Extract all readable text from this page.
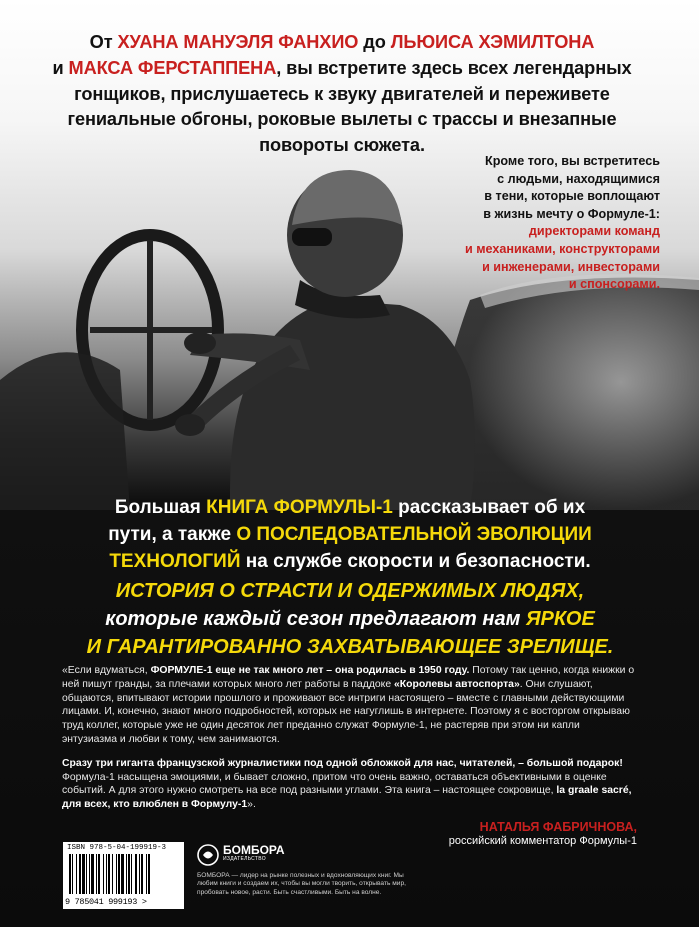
От ХУАНА МАНУЭЛЯ ФАНХИО до ЛЬЮИСА ХЭМИЛТОНА
и МАКСА ФЕРСТАППЕНА, вы встретите здесь всех легендарных гонщиков, прислушаетесь к звуку двигателей и переживете гениальные обгоны, роковые вылеты с трассы и внезапные повороты сюжета.
Кроме того, вы встретитесь
с людьми, находящимися
в тени, которые воплощают
в жизнь мечту о Формуле-1:
директорами команд
и механиками, конструкторами
и инженерами, инвесторами
и спонсорами.
Большая КНИГА ФОРМУЛЫ-1 рассказывает об их
пути, а также О ПОСЛЕДОВАТЕЛЬНОЙ ЭВОЛЮЦИИ
ТЕХНОЛОГИЙ на службе скорости и безопасности.
ИСТОРИЯ О СТРАСТИ И ОДЕРЖИМЫХ ЛЮДЯХ,
которые каждый сезон предлагают нам ЯРКОЕ
И ГАРАНТИРОВАННО ЗАХВАТЫВАЮЩЕЕ ЗРЕЛИЩЕ.

«Если вдуматься, ФОРМУЛЕ-1 еще не так много лет – она родилась в 1950 году. Потому так ценно, когда книжки о ней пишут гранды, за плечами которых много лет работы в паддоке «Королевы автоспорта». Они слушают, общаются, впитывают истории прошлого и проживают все интриги настоящего – вместе с главными действующими лицами. И, конечно, знают много подробностей, которых не нагуглишь в интернете. Поэтому я с восторгом открываю труд коллег, которые уже не один десяток лет преданно служат Формуле-1, не растеряв при этом ни капли энтузиазма и любви к тому, чем занимаются.

Сразу три гиганта французской журналистики под одной обложкой для нас, читателей, – большой подарок! Формула-1 насыщена эмоциями, и бывает сложно, притом что очень важно, оставаться объективными в оценке событий. А для этого нужно смотреть на все под разными углами. Эта книга – настоящее сокровище, la graale sacré, для всех, кто влюблен в Формулу-1».

НАТАЛЬЯ ФАБРИЧНОВА,
российский комментатор Формулы-1
ISBN 978-5-04-199919-3
9 785041 999193 >
БОМБОРА
ИЗДАТЕЛЬСТВО
БОМБОРА — лидер на рынке полезных и вдохновляющих книг. Мы любим книги и создаем их, чтобы вы могли творить, открывать мир, пробовать новое, расти. Быть счастливыми. Быть на волне.
